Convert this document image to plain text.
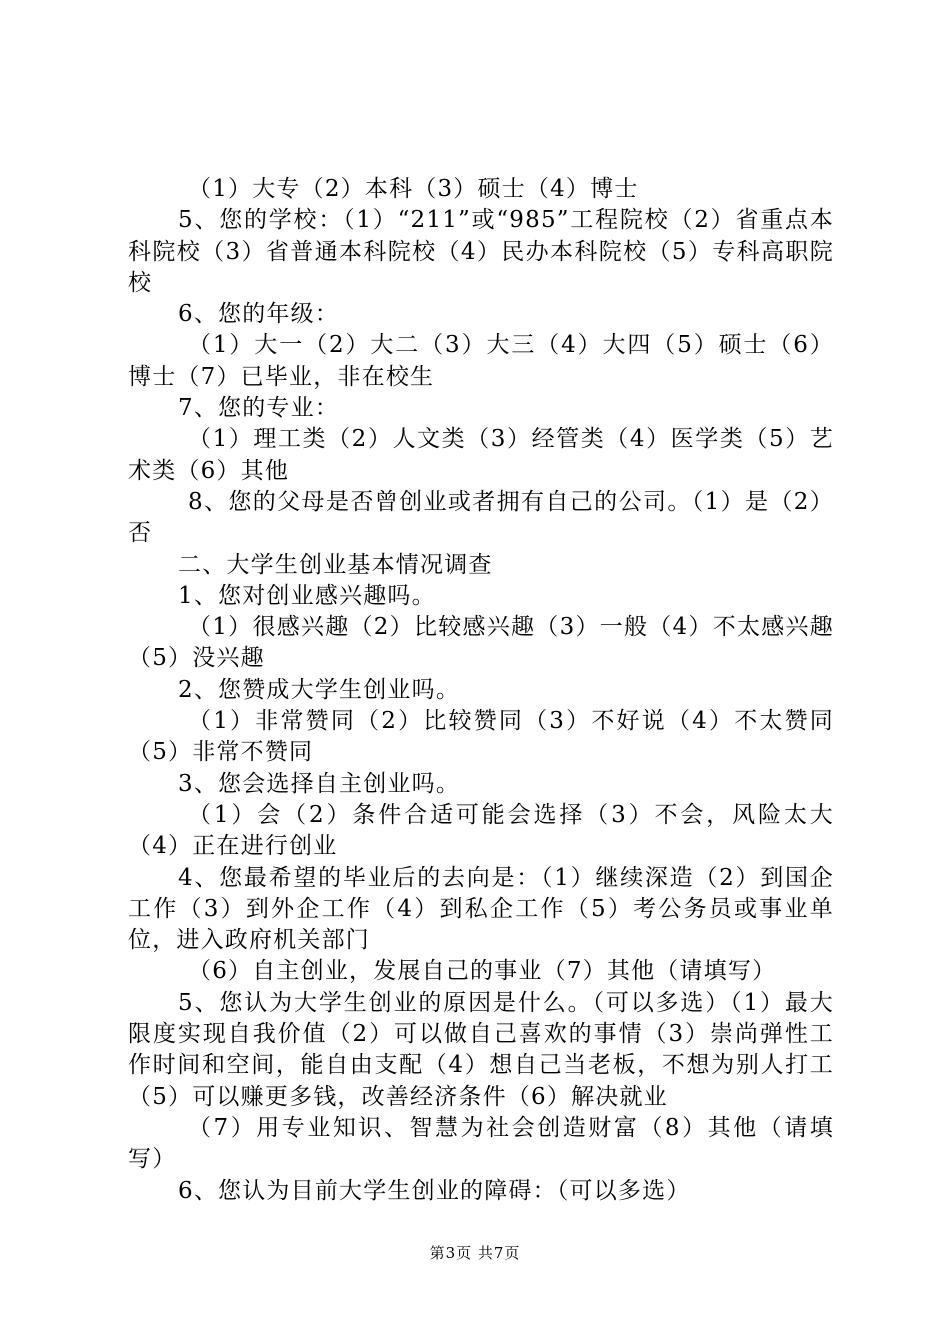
（1）大专（2）本科（3）硕士（4）博士

5、您的学校：（1）“211”或“985”工程院校（2）省重点本科院校（3）省普通本科院校（4）民办本科院校（5）专科高职院校

6、您的年级：

（1）大一（2）大二（3）大三（4）大四（5）硕士（6）博士（7）已毕业，非在校生

7、您的专业：

（1）理工类（2）人文类（3）经管类（4）医学类（5）艺术类（6）其他

8、您的父母是否曾创业或者拥有自己的公司。（1）是（2）否

二、大学生创业基本情况调查

1、您对创业感兴趣吗。

（1）很感兴趣（2）比较感兴趣（3）一般（4）不太感兴趣（5）没兴趣

2、您赞成大学生创业吗。

（1）非常赞同（2）比较赞同（3）不好说（4）不太赞同（5）非常不赞同

3、您会选择自主创业吗。

（1）会（2）条件合适可能会选择（3）不会，风险太大（4）正在进行创业

4、您最希望的毕业后的去向是：（1）继续深造（2）到国企工作（3）到外企工作（4）到私企工作（5）考公务员或事业单位，进入政府机关部门

（6）自主创业，发展自己的事业（7）其他（请填写）

5、您认为大学生创业的原因是什么。（可以多选）（1）最大限度实现自我价值（2）可以做自己喜欢的事情（3）崇尚弹性工作时间和空间，能自由支配（4）想自己当老板，不想为别人打工（5）可以赚更多钱，改善经济条件（6）解决就业

（7）用专业知识、智慧为社会创造财富（8）其他（请填写）

6、您认为目前大学生创业的障碍：（可以多选）

第3页 共7页
